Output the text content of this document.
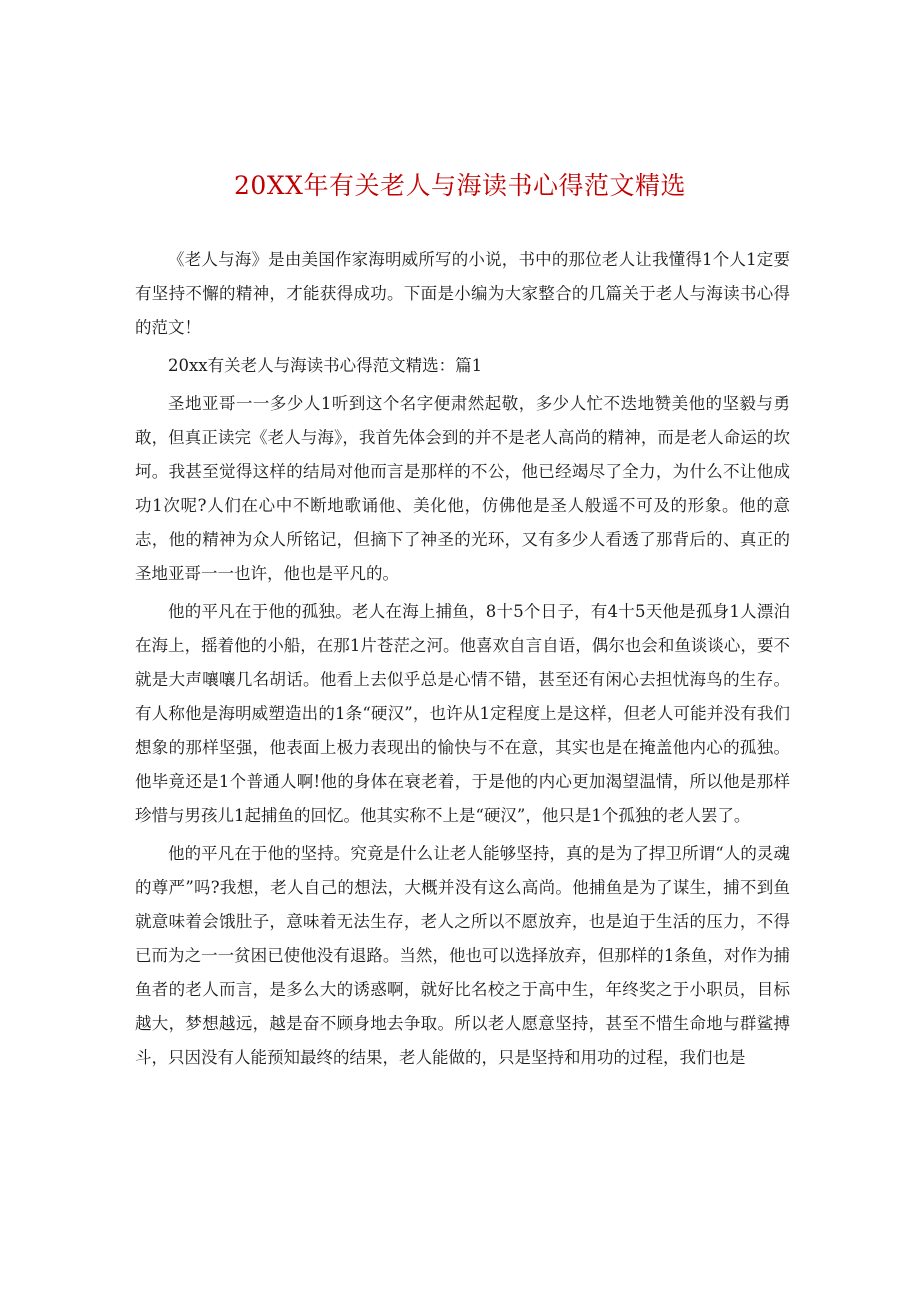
20XX年有关老人与海读书心得范文精选

《老人与海》是由美国作家海明威所写的小说，书中的那位老人让我懂得1个人1定要有坚持不懈的精神，才能获得成功。下面是小编为大家整合的几篇关于老人与海读书心得的范文！

20xx有关老人与海读书心得范文精选：篇1

圣地亚哥一一多少人1听到这个名字便肃然起敬，多少人忙不迭地赞美他的坚毅与勇敢，但真正读完《老人与海》，我首先体会到的并不是老人高尚的精神，而是老人命运的坎坷。我甚至觉得这样的结局对他而言是那样的不公，他已经竭尽了全力，为什么不让他成功1次呢?人们在心中不断地歌诵他、美化他，仿佛他是圣人般遥不可及的形象。他的意志，他的精神为众人所铭记，但摘下了神圣的光环，又有多少人看透了那背后的、真正的圣地亚哥一一也许，他也是平凡的。

他的平凡在于他的孤独。老人在海上捕鱼，8十5个日子，有4十5天他是孤身1人漂泊在海上，摇着他的小船，在那1片苍茫之河。他喜欢自言自语，偶尔也会和鱼谈谈心，要不就是大声嚷嚷几名胡话。他看上去似乎总是心情不错，甚至还有闲心去担忧海鸟的生存。有人称他是海明威塑造出的1条“硬汉”，也许从1定程度上是这样，但老人可能并没有我们想象的那样坚强，他表面上极力表现出的愉快与不在意，其实也是在掩盖他内心的孤独。他毕竟还是1个普通人啊!他的身体在衰老着，于是他的内心更加渴望温情，所以他是那样珍惜与男孩儿1起捕鱼的回忆。他其实称不上是“硬汉”，他只是1个孤独的老人罢了。

他的平凡在于他的坚持。究竟是什么让老人能够坚持，真的是为了捍卫所谓“人的灵魂的尊严”吗?我想，老人自己的想法，大概并没有这么高尚。他捕鱼是为了谋生，捕不到鱼就意味着会饿肚子，意味着无法生存，老人之所以不愿放弃，也是迫于生活的压力，不得已而为之一一贫困已使他没有退路。当然，他也可以选择放弃，但那样的1条鱼，对作为捕鱼者的老人而言，是多么大的诱惑啊，就好比名校之于高中生，年终奖之于小职员，目标越大，梦想越远，越是奋不顾身地去争取。所以老人愿意坚持，甚至不惜生命地与群鲨搏斗，只因没有人能预知最终的结果，老人能做的，只是坚持和用功的过程，我们也是
